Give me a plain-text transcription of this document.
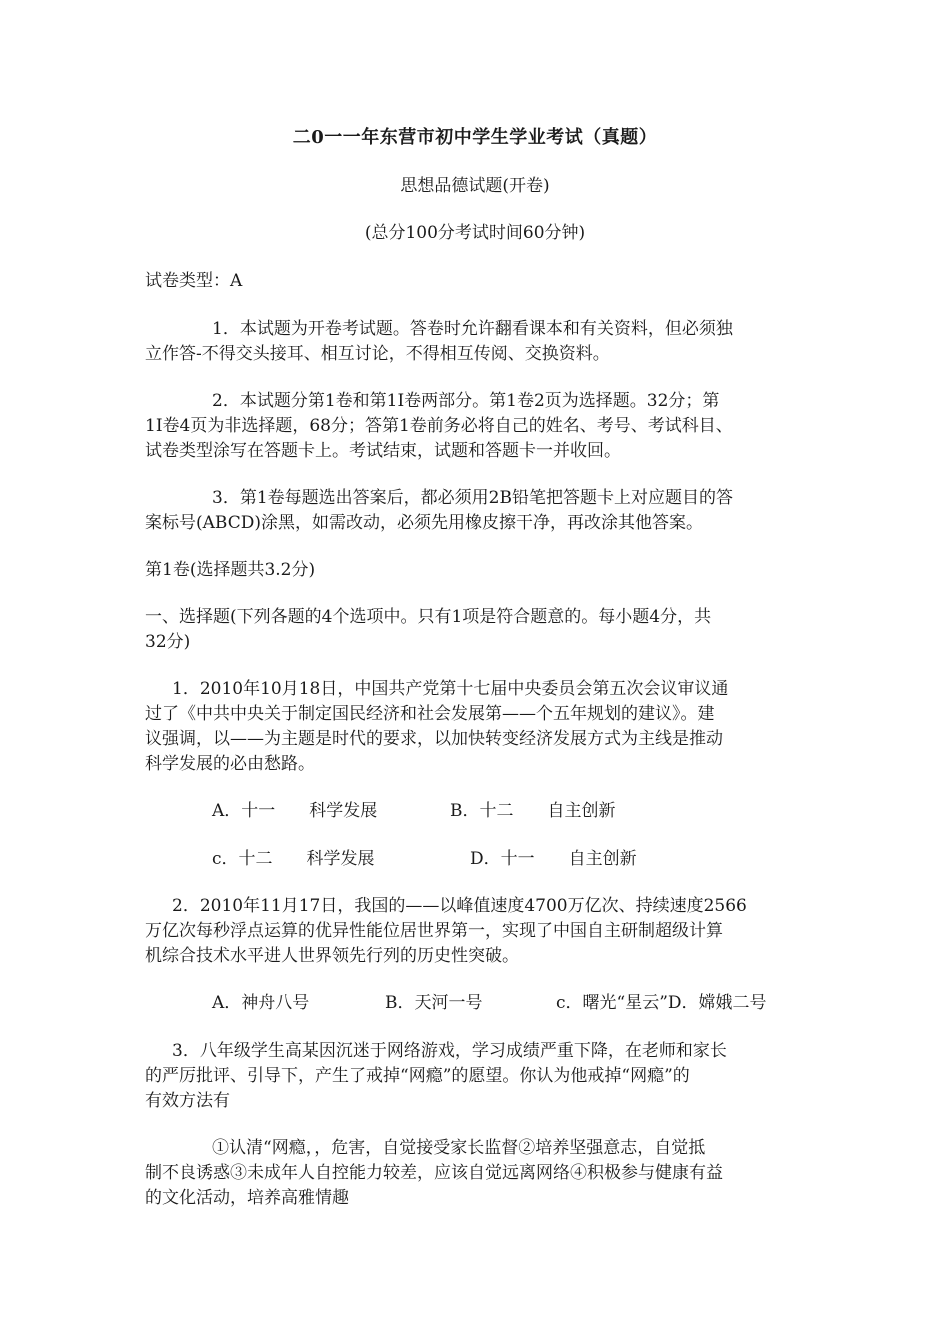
二0一一年东营市初中学生学业考试（真题）
思想品德试题(开卷)
(总分100分考试时间60分钟)
试卷类型：A
1．本试题为开卷考试题。答卷时允许翻看课本和有关资料，但必须独
立作答-不得交头接耳、相互讨论，不得相互传阅、交换资料。
2．本试题分第1卷和第1I卷两部分。第1卷2页为选择题。32分；第
1I卷4页为非选择题，68分；答第1卷前务必将自己的姓名、考号、考试科目、
试卷类型涂写在答题卡上。考试结束，试题和答题卡一并收回。
3．第1卷每题选出答案后，都必须用2B铅笔把答题卡上对应题目的答
案标号(ABCD)涂黑，如需改动，必须先用橡皮擦干净，再改涂其他答案。
第1卷(选择题共3.2分)
一、选择题(下列各题的4个选项中。只有1项是符合题意的。每小题4分，共
32分)
1．2010年10月18日，中国共产党第十七届中央委员会第五次会议审议通
过了《中共中央关于制定国民经济和社会发展第——个五年规划的建议》。建
议强调，以——为主题是时代的要求，以加快转变经济发展方式为主线是推动
科学发展的必由愁路。
A．十一　　科学发展	B．十二　　自主创新
c．十二　　科学发展	D．十一　　自主创新
2．2010年11月17日，我国的——以峰值速度4700万亿次、持续速度2566
万亿次每秒浮点运算的优异性能位居世界第一，实现了中国自主研制超级计算
机综合技术水平进人世界领先行列的历史性突破。
A．神舟八号	B．天河一号	c．曙光“星云”D．嫦娥二号
3．八年级学生高某因沉迷于网络游戏，学习成绩严重下降，在老师和家长
的严厉批评、引导下，产生了戒掉“网瘾”的愿望。你认为他戒掉“网瘾”的
有效方法有
①认清“网瘾，，危害，自觉接受家长监督②培养坚强意志，自觉抵
制不良诱惑③未成年人自控能力较差，应该自觉远离网络④积极参与健康有益
的文化活动，培养高雅情趣
